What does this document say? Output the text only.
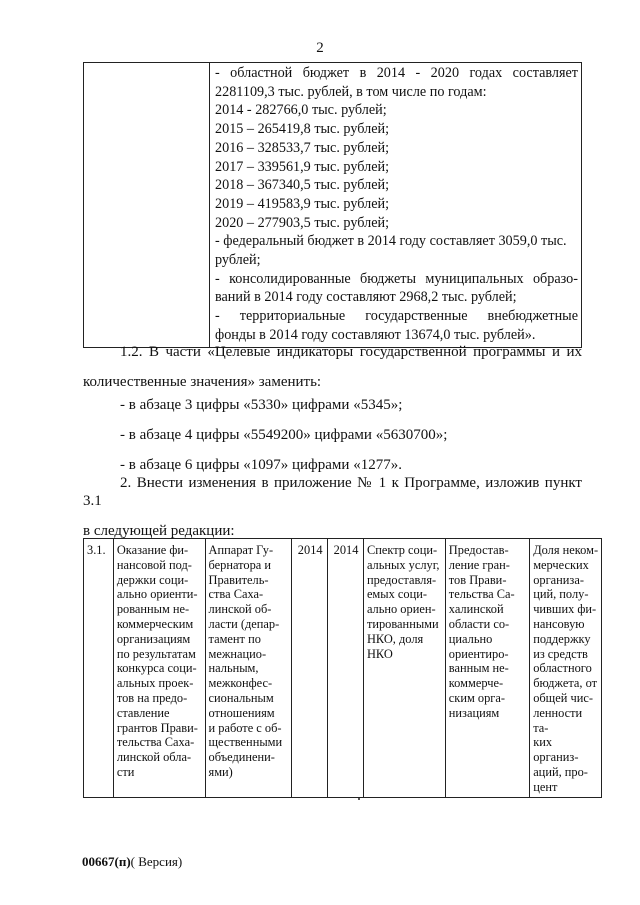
2

- областной бюджет в 2014 - 2020 годах составляет
2281109,3 тыс. рублей, в том числе по годам:
2014 - 282766,0 тыс. рублей;
2015 – 265419,8 тыс. рублей;
2016 – 328533,7 тыс. рублей;
2017 – 339561,9 тыс. рублей;
2018 – 367340,5 тыс. рублей;
2019 – 419583,9 тыс. рублей;
2020 – 277903,5 тыс. рублей;
- федеральный бюджет в 2014 году составляет 3059,0 тыс.
рублей;
- консолидированные бюджеты муниципальных образо-
ваний в 2014 году составляют 2968,2 тыс. рублей;
- территориальные государственные внебюджетные
фонды в 2014 году составляют 13674,0 тыс. рублей».
1.2. В части «Целевые индикаторы государственной программы и их
количественные значения» заменить:
- в абзаце 3 цифры «5330» цифрами «5345»;
- в абзаце 4 цифры «5549200» цифрами «5630700»;
- в абзаце 6 цифры «1097» цифрами «1277».
2. Внести изменения в приложение № 1 к Программе, изложив пункт 3.1
в следующей редакции:
3.1.	Оказание фи-
нансовой под-
держки соци-
ально ориенти-
рованным не-
коммерческим
организациям
по результатам
конкурса соци-
альных проек-
тов на предо-
ставление
грантов Прави-
тельства Саха-
линской обла-
сти

Аппарат Гу-
бернатора и
Правитель-
ства Саха-
линской об-
ласти (депар-
тамент по
межнацио-
нальным,
межконфес-
сиональным
отношениям
и работе с об-
щественными
объединени-
ями)

2014	2014	Спектр соци-
альных услуг,
предоставля-
емых соци-
ально ориен-
тированными
НКО, доля
НКО

Предостав-
ление гран-
тов Прави-
тельства Са-
халинской
области со-
циально
ориентиро-
ванным не-
коммерче-
ским орга-
низациям

Доля неком-
мерческих
организа-
ций, полу-
чивших фи-
нансовую
поддержку
из средств
областного
бюджета, от
общей чис-
ленности та-
ких организ-
аций, про-
цент
00667(п)( Версия)
